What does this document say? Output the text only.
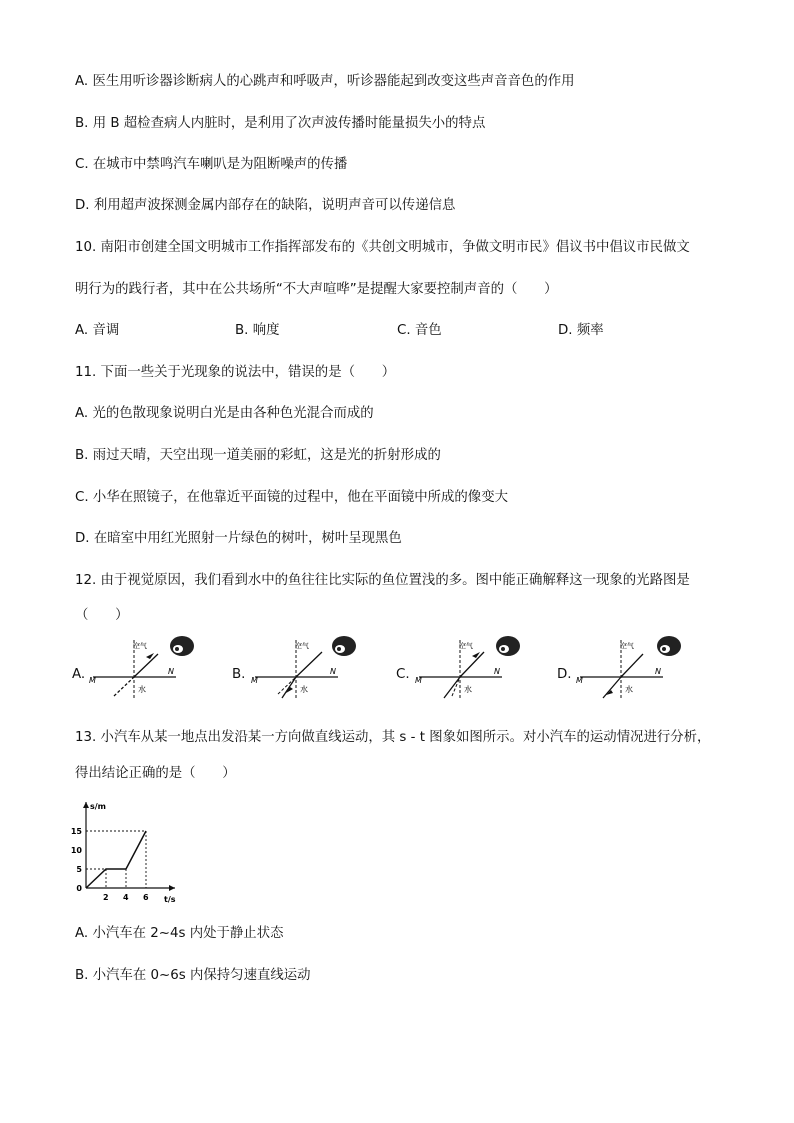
A. 医生用听诊器诊断病人的心跳声和呼吸声，听诊器能起到改变这些声音音色的作用
B. 用 B 超检查病人内脏时，是利用了次声波传播时能量损失小的特点
C. 在城市中禁鸣汽车喇叭是为阻断噪声的传播
D. 利用超声波探测金属内部存在的缺陷，说明声音可以传递信息
10. 南阳市创建全国文明城市工作指挥部发布的《共创文明城市，争做文明市民》倡议书中倡议市民做文
明行为的践行者，其中在公共场所“不大声喧哗”是提醒大家要控制声音的（　　）
A. 音调	B. 响度	C. 音色	D. 频率
11. 下面一些关于光现象的说法中，错误的是（　　）
A. 光的色散现象说明白光是由各种色光混合而成的
B. 雨过天晴，天空出现一道美丽的彩虹，这是光的折射形成的
C. 小华在照镜子，在他靠近平面镜的过程中，他在平面镜中所成的像变大
D. 在暗室中用红光照射一片绿色的树叶，树叶呈现黑色
12. 由于视觉原因，我们看到水中的鱼往往比实际的鱼位置浅的多。图中能正确解释这一现象的光路图是
（　　）
A.	B.	C.	D.
空气
M
N
水
空气
M
N
水
空气
M
N
水
空气
M
N
水
13. 小汽车从某一地点出发沿某一方向做直线运动，其 s - t 图象如图所示。对小汽车的运动情况进行分析，
得出结论正确的是（　　）
s/m
t/s
2 4 6
0
5
10
15
A. 小汽车在 2~4s 内处于静止状态
B. 小汽车在 0~6s 内保持匀速直线运动
